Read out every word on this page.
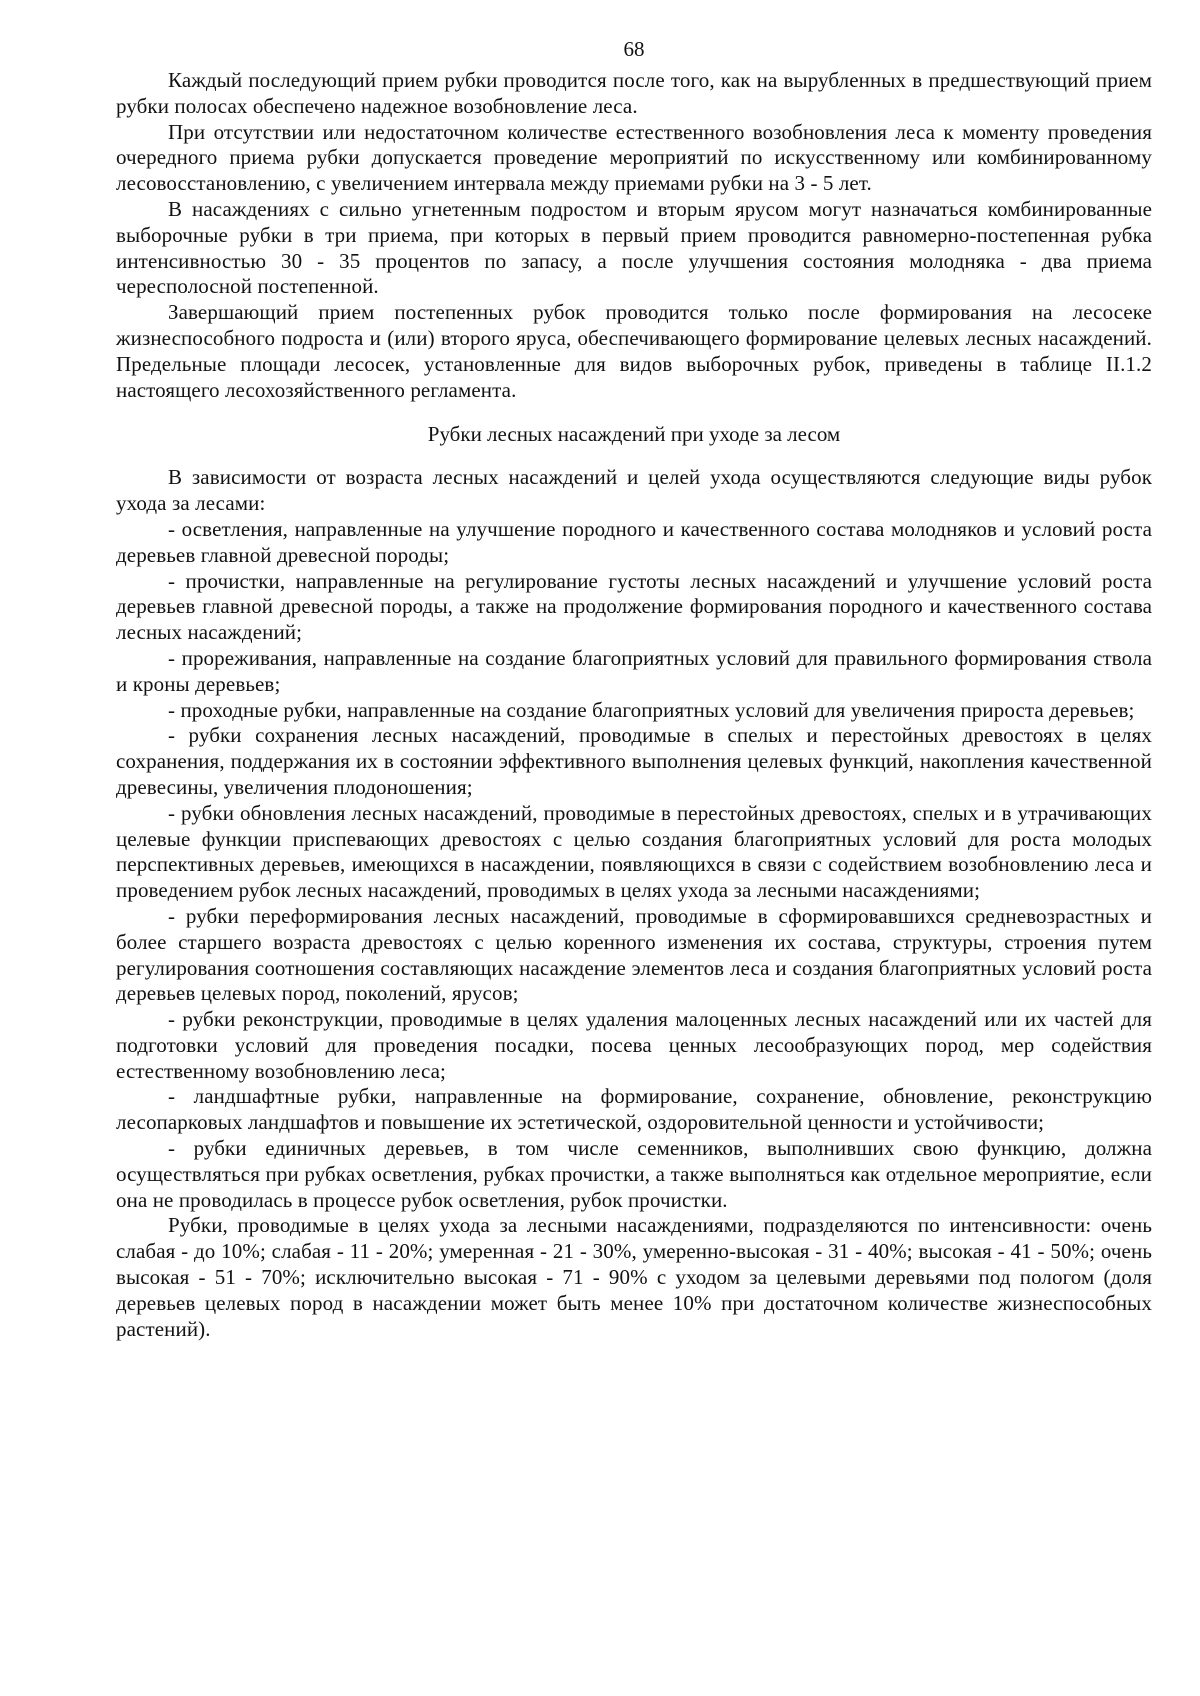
68

Каждый последующий прием рубки проводится после того, как на вырубленных в предшествующий прием рубки полосах обеспечено надежное возобновление леса.

При отсутствии или недостаточном количестве естественного возобновления леса к моменту проведения очередного приема рубки допускается проведение мероприятий по искусственному или комбинированному лесовосстановлению, с увеличением интервала между приемами рубки на 3 - 5 лет.

В насаждениях с сильно угнетенным подростом и вторым ярусом могут назначаться комбинированные выборочные рубки в три приема, при которых в первый прием проводится равномерно-постепенная рубка интенсивностью 30 - 35 процентов по запасу, а после улучшения состояния молодняка - два приема чересполосной постепенной.

Завершающий прием постепенных рубок проводится только после формирования на лесосеке жизнеспособного подроста и (или) второго яруса, обеспечивающего формирование целевых лесных насаждений. Предельные площади лесосек, установленные для видов выборочных рубок, приведены в таблице II.1.2 настоящего лесохозяйственного регламента.

Рубки лесных насаждений при уходе за лесом

В зависимости от возраста лесных насаждений и целей ухода осуществляются следующие виды рубок ухода за лесами:

- осветления, направленные на улучшение породного и качественного состава молодняков и условий роста деревьев главной древесной породы;

- прочистки, направленные на регулирование густоты лесных насаждений и улучшение условий роста деревьев главной древесной породы, а также на продолжение формирования породного и качественного состава лесных насаждений;

- прореживания, направленные на создание благоприятных условий для правильного формирования ствола и кроны деревьев;

- проходные рубки, направленные на создание благоприятных условий для увеличения прироста деревьев;

- рубки сохранения лесных насаждений, проводимые в спелых и перестойных древостоях в целях сохранения, поддержания их в состоянии эффективного выполнения целевых функций, накопления качественной древесины, увеличения плодоношения;

- рубки обновления лесных насаждений, проводимые в перестойных древостоях, спелых и в утрачивающих целевые функции приспевающих древостоях с целью создания благоприятных условий для роста молодых перспективных деревьев, имеющихся в насаждении, появляющихся в связи с содействием возобновлению леса и проведением рубок лесных насаждений, проводимых в целях ухода за лесными насаждениями;

- рубки переформирования лесных насаждений, проводимые в сформировавшихся средневозрастных и более старшего возраста древостоях с целью коренного изменения их состава, структуры, строения путем регулирования соотношения составляющих насаждение элементов леса и создания благоприятных условий роста деревьев целевых пород, поколений, ярусов;

- рубки реконструкции, проводимые в целях удаления малоценных лесных насаждений или их частей для подготовки условий для проведения посадки, посева ценных лесообразующих пород, мер содействия естественному возобновлению леса;

- ландшафтные рубки, направленные на формирование, сохранение, обновление, реконструкцию лесопарковых ландшафтов и повышение их эстетической, оздоровительной ценности и устойчивости;

- рубки единичных деревьев, в том числе семенников, выполнивших свою функцию, должна осуществляться при рубках осветления, рубках прочистки, а также выполняться как отдельное мероприятие, если она не проводилась в процессе рубок осветления, рубок прочистки.

Рубки, проводимые в целях ухода за лесными насаждениями, подразделяются по интенсивности: очень слабая - до 10%; слабая - 11 - 20%; умеренная - 21 - 30%, умеренно-высокая - 31 - 40%; высокая - 41 - 50%; очень высокая - 51 - 70%; исключительно высокая - 71 - 90% с уходом за целевыми деревьями под пологом (доля деревьев целевых пород в насаждении может быть менее 10% при достаточном количестве жизнеспособных растений).
